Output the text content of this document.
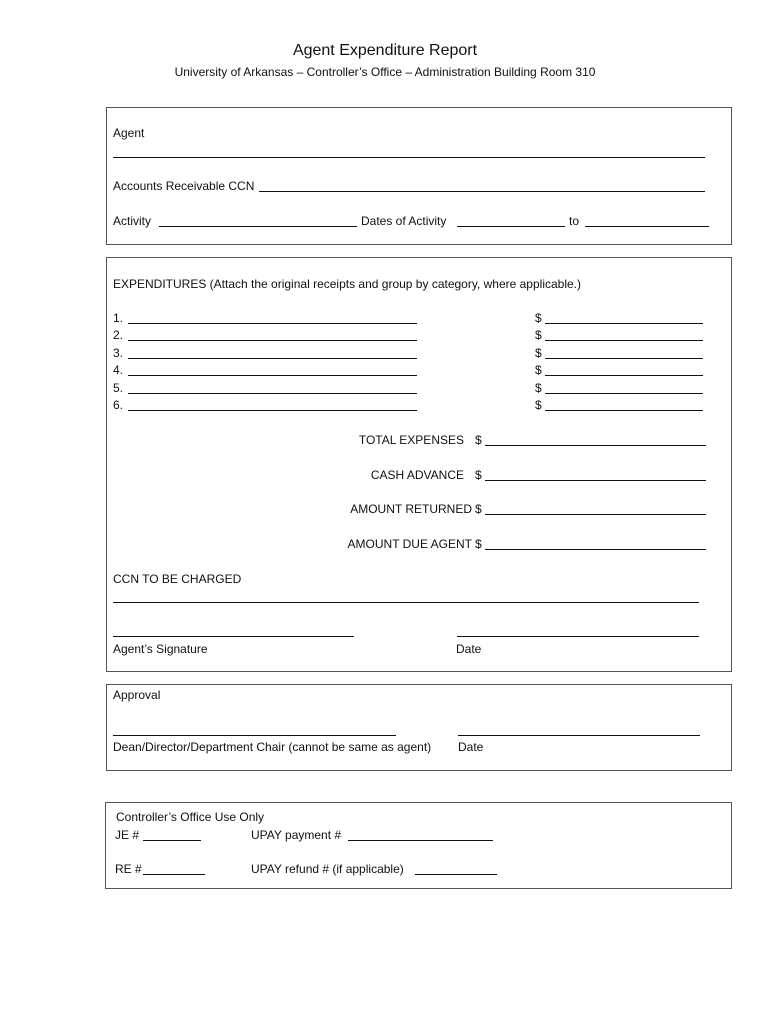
Agent Expenditure Report
University of Arkansas – Controller’s Office – Administration Building Room 310
Agent
Accounts Receivable CCN
Activity	Dates of Activity	to
EXPENDITURES (Attach the original receipts and group by category, where applicable.)
1.	$
2.	$
3.	$
4.	$
5.	$
6.	$
TOTAL EXPENSES $
CASH ADVANCE $
AMOUNT RETURNED $
AMOUNT DUE AGENT $
CCN TO BE CHARGED
Agent’s Signature	Date
Approval
Dean/Director/Department Chair (cannot be same as agent) Date
Controller’s Office Use Only
JE #	UPAY payment #
RE #	UPAY refund # (if applicable)
